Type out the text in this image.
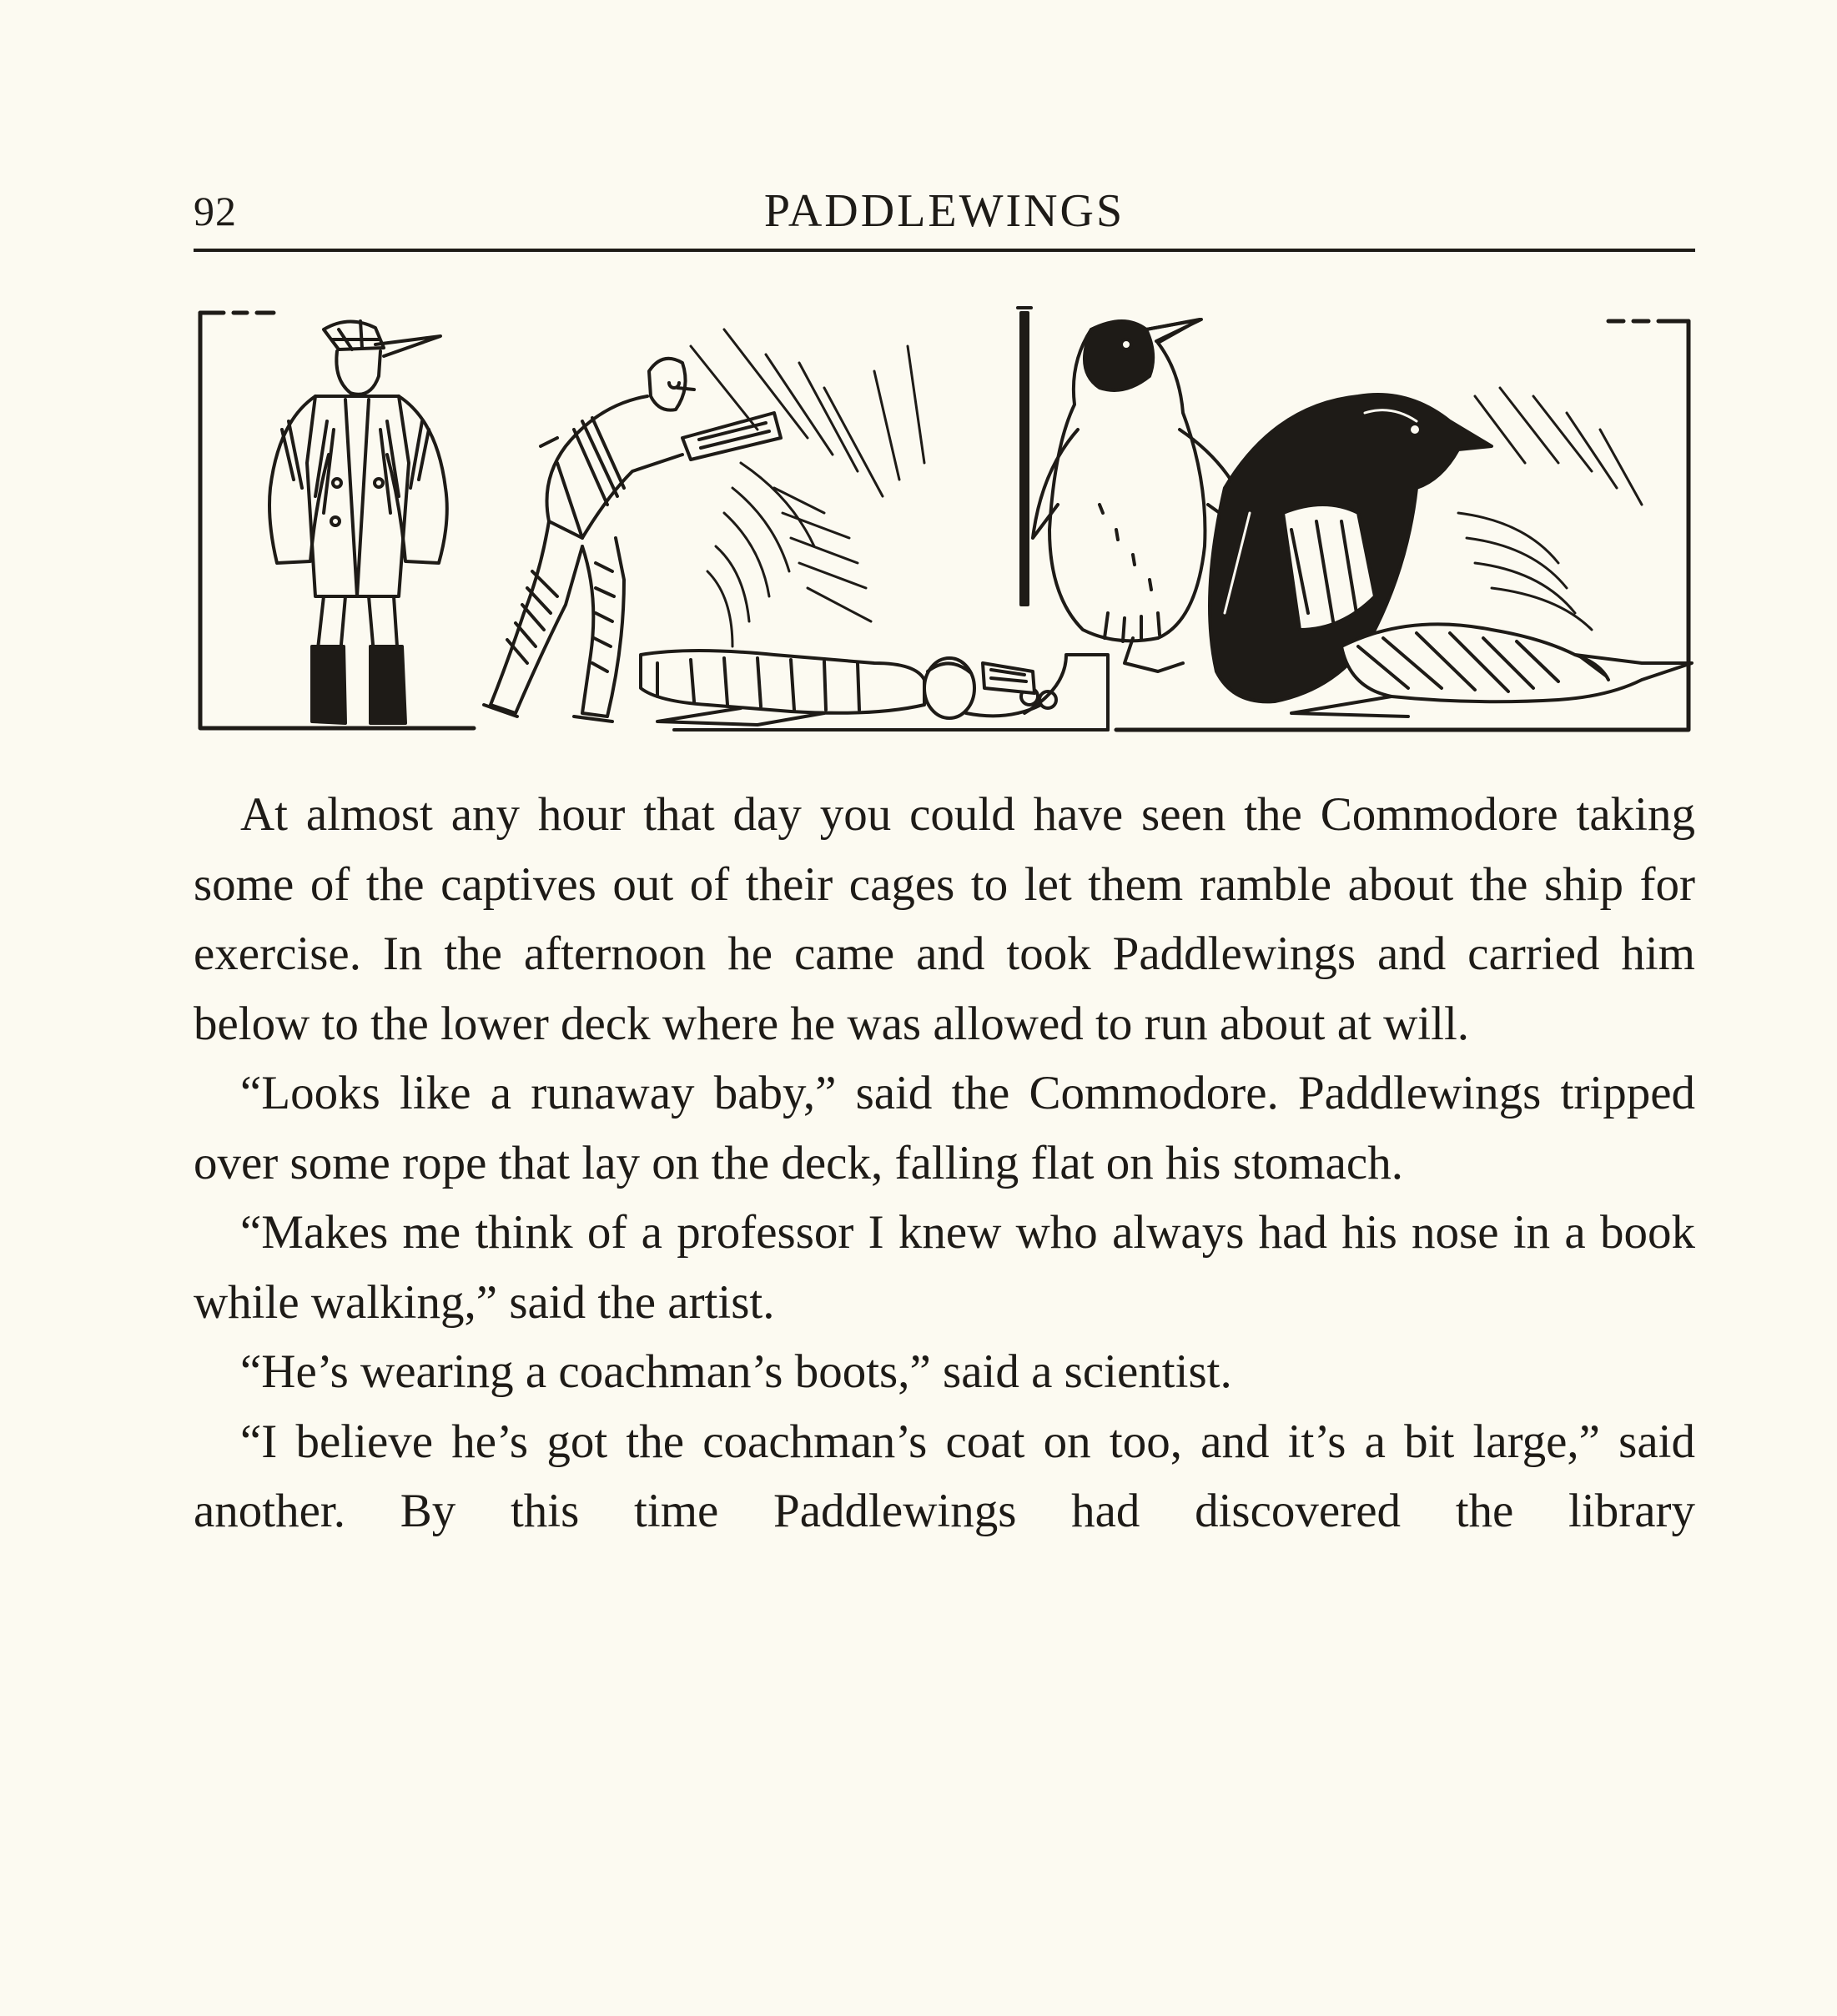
92	PADDLEWINGS

At almost any hour that day you could have seen the Commodore taking some of the captives out of their cages to let them ramble about the ship for exercise. In the afternoon he came and took Paddlewings and carried him below to the lower deck where he was allowed to run about at will.

“Looks like a runaway baby,” said the Commodore. Paddlewings tripped over some rope that lay on the deck, falling flat on his stomach.

“Makes me think of a professor I knew who always had his nose in a book while walking,” said the artist.

“He’s wearing a coachman’s boots,” said a scientist.

“I believe he’s got the coachman’s coat on too, and it’s a bit large,” said another. By this time Paddlewings had discovered the library
